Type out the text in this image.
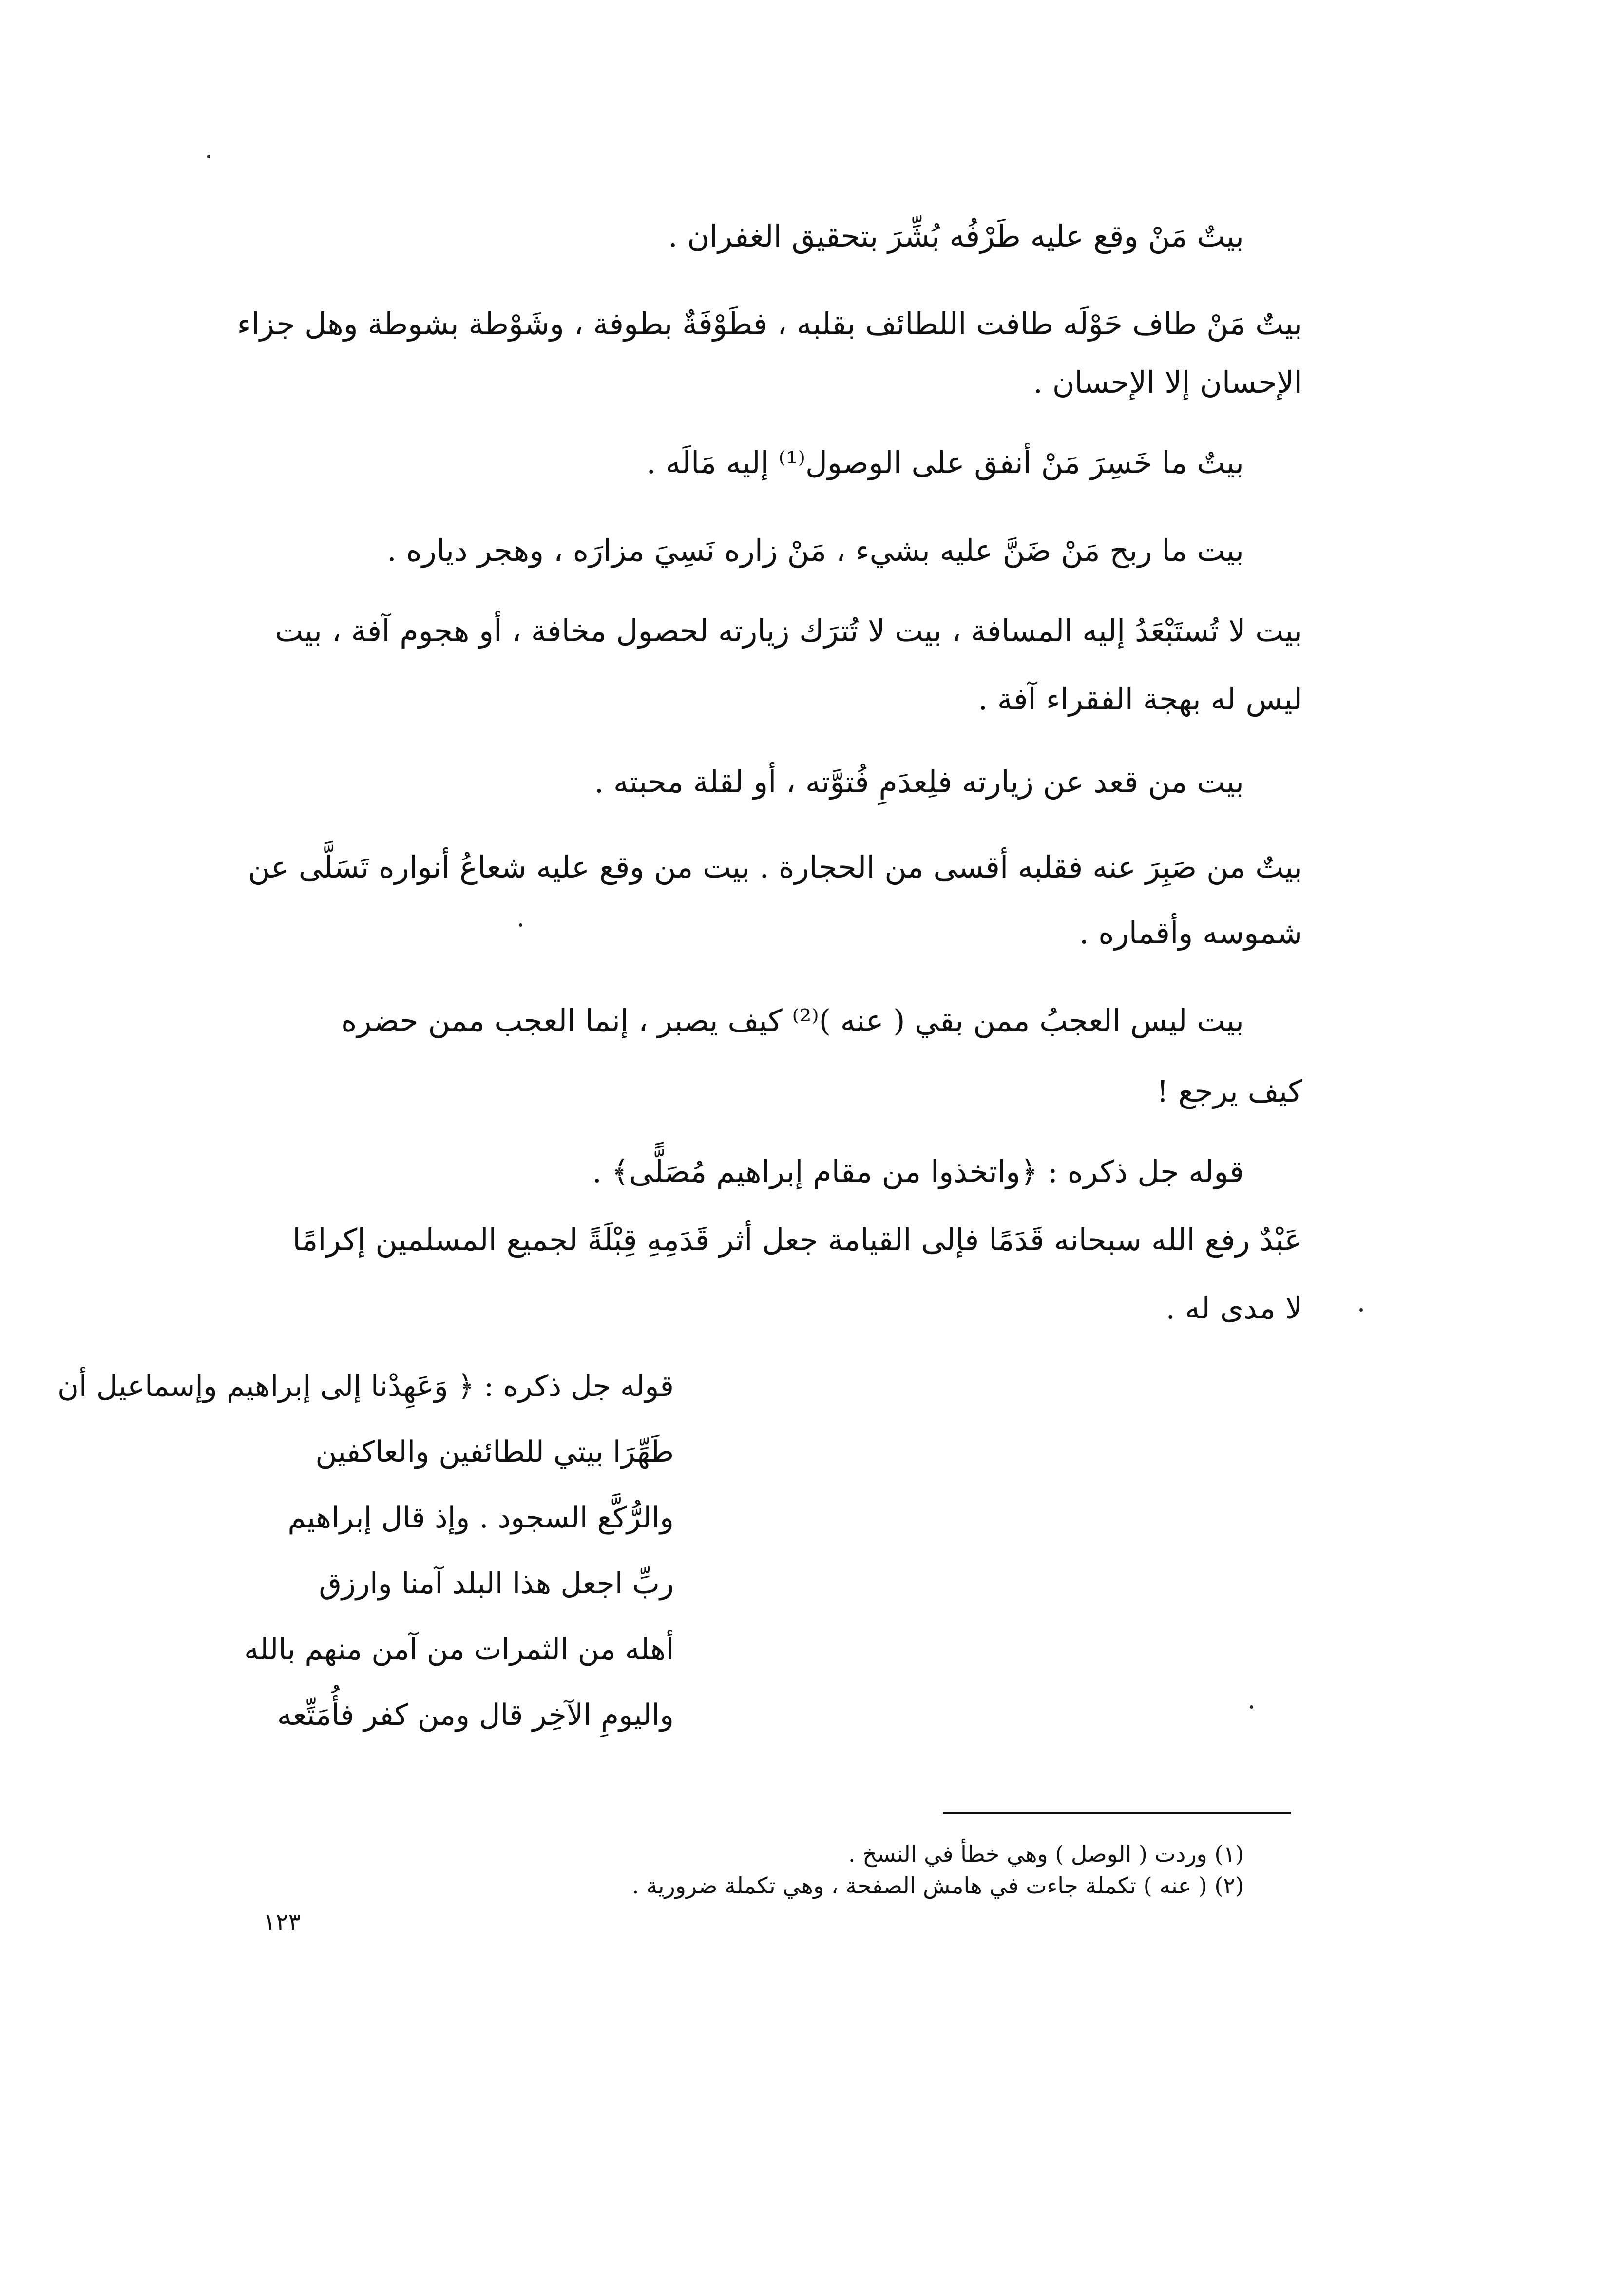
بيتٌ مَنْ وقع عليه طَرْفُه بُشِّرَ بتحقيق الغفران .
بيتٌ مَنْ طاف حَوْلَه طافت اللطائف بقلبه ، فطَوْفَةٌ بطوفة ، وشَوْطة بشوطة وهل جزاء
الإحسان إلا الإحسان .
بيتٌ ما خَسِرَ مَنْ أنفق على الوصول⁽¹⁾ إليه مَالَه .
بيت ما ربح مَنْ ضَنَّ عليه بشيء ، مَنْ زاره نَسِيَ مزارَه ، وهجر دياره .
بيت لا تُستَبْعَدُ إليه المسافة ، بيت لا تُترَك زيارته لحصول مخافة ، أو هجوم آفة ، بيت
ليس له بهجة الفقراء آفة .
بيت من قعد عن زيارته فلِعدَمِ فُتوَّته ، أو لقلة محبته .
بيتٌ من صَبِرَ عنه فقلبه أقسى من الحجارة . بيت من وقع عليه شعاعُ أنواره تَسَلَّى عن
شموسه وأقماره .
بيت ليس العجبُ ممن بقي ( عنه )⁽²⁾ كيف يصبر ، إنما العجب ممن حضره
كيف يرجع !
قوله جل ذكره : ﴿واتخذوا من مقام إبراهيم مُصَلًّى﴾ .
عَبْدٌ رفع الله سبحانه قَدَمًا فإلى القيامة جعل أثر قَدَمِهِ قِبْلَةً لجميع المسلمين إكرامًا
لا مدى له .
قوله جل ذكره : ﴿ وَعَهِدْنا إلى إبراهيم وإسماعيل أن
طَهِّرَا بيتي للطائفين والعاكفين
والرُّكَّع السجود . وإذ قال إبراهيم
ربِّ اجعل هذا البلد آمنا وارزق
أهله من الثمرات من آمن منهم بالله
واليومِ الآخِر قال ومن كفر فأُمَتِّعه
(١) وردت ( الوصل ) وهي خطأ في النسخ .
(٢) ( عنه ) تكملة جاءت في هامش الصفحة ، وهي تكملة ضرورية .
١٢٣
